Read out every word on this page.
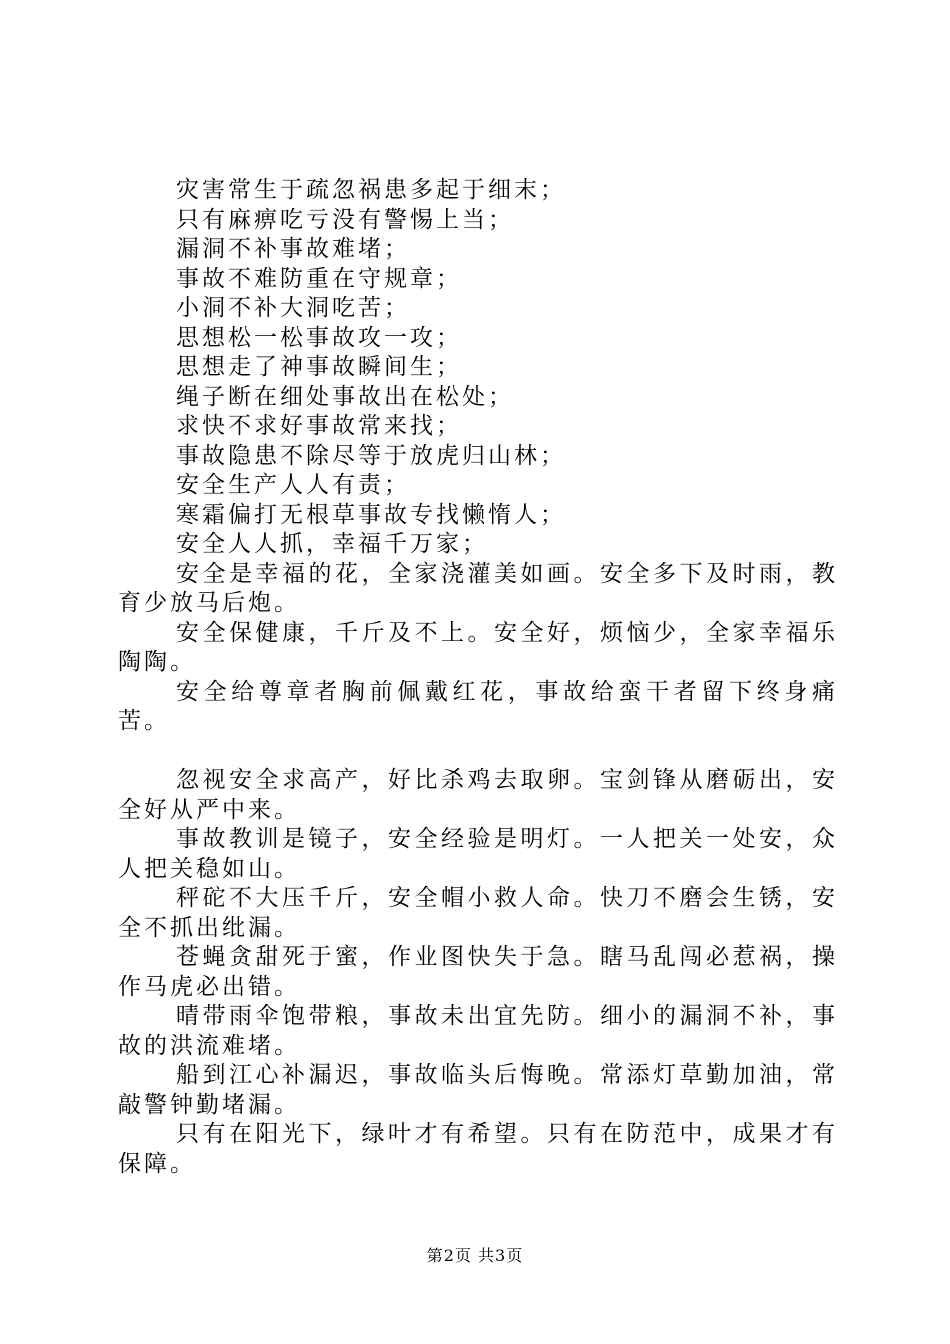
灾害常生于疏忽祸患多起于细末；

只有麻痹吃亏没有警惕上当；

漏洞不补事故难堵；

事故不难防重在守规章；

小洞不补大洞吃苦；

思想松一松事故攻一攻；

思想走了神事故瞬间生；

绳子断在细处事故出在松处；

求快不求好事故常来找；

事故隐患不除尽等于放虎归山林；

安全生产人人有责；

寒霜偏打无根草事故专找懒惰人；

安全人人抓，幸福千万家；

安全是幸福的花，全家浇灌美如画。安全多下及时雨，教育少放马后炮。

安全保健康，千斤及不上。安全好，烦恼少，全家幸福乐陶陶。

安全给尊章者胸前佩戴红花，事故给蛮干者留下终身痛苦。

忽视安全求高产，好比杀鸡去取卵。宝剑锋从磨砺出，安全好从严中来。

事故教训是镜子，安全经验是明灯。一人把关一处安，众人把关稳如山。

秤砣不大压千斤，安全帽小救人命。快刀不磨会生锈，安全不抓出纰漏。

苍蝇贪甜死于蜜，作业图快失于急。瞎马乱闯必惹祸，操作马虎必出错。

晴带雨伞饱带粮，事故未出宜先防。细小的漏洞不补，事故的洪流难堵。

船到江心补漏迟，事故临头后悔晚。常添灯草勤加油，常敲警钟勤堵漏。

只有在阳光下，绿叶才有希望。只有在防范中，成果才有保障。

第2页 共3页
